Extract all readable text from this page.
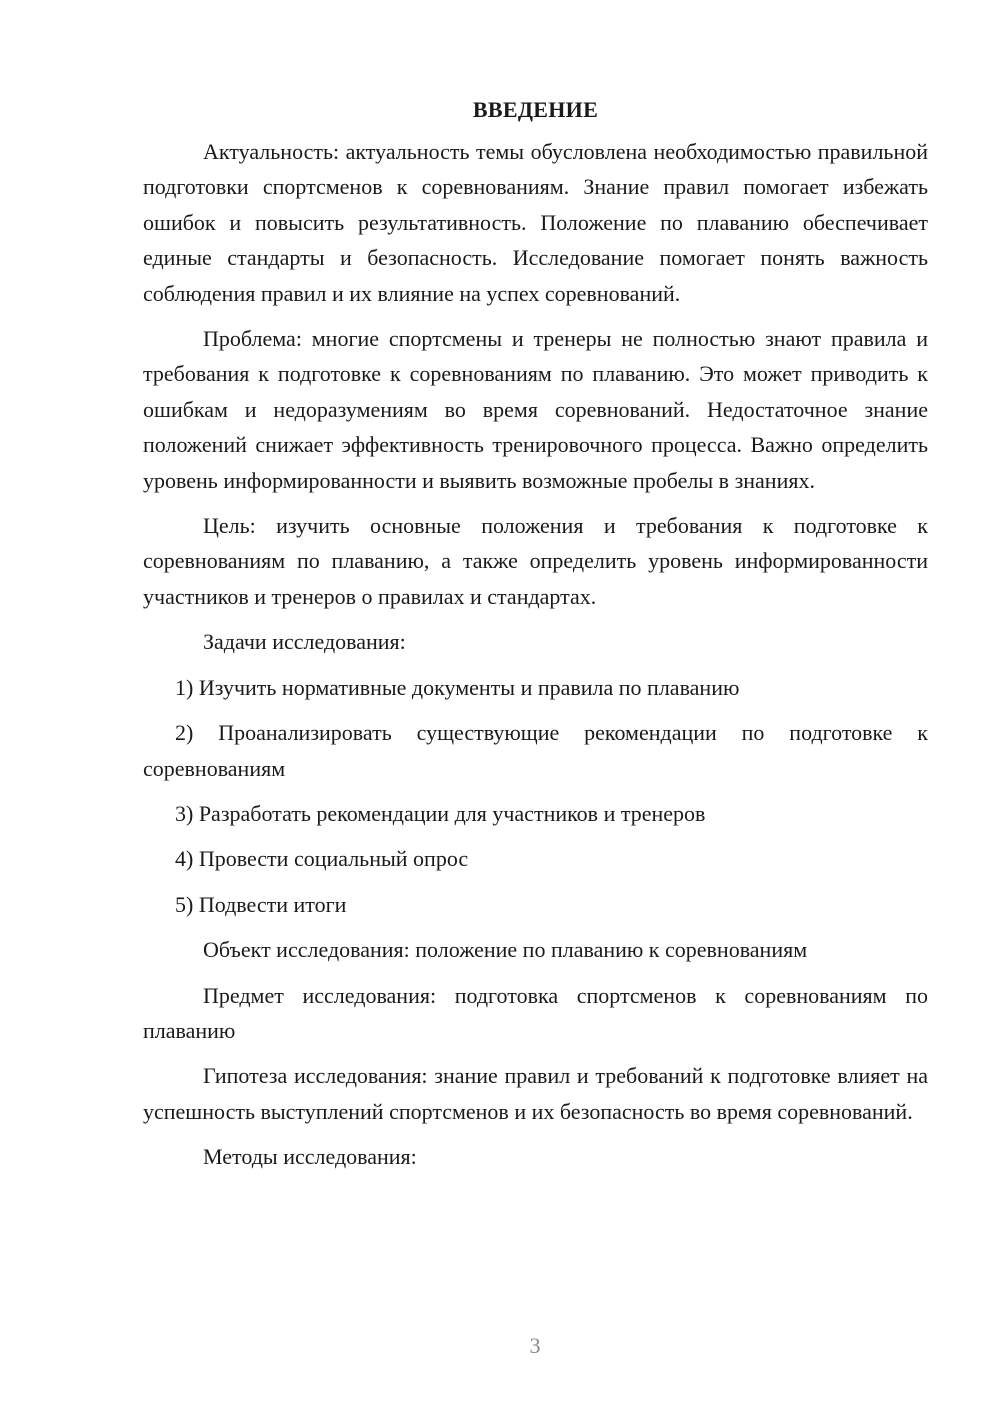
ВВЕДЕНИЕ

Актуальность: актуальность темы обусловлена необходимостью правильной подготовки спортсменов к соревнованиям. Знание правил помогает избежать ошибок и повысить результативность. Положение по плаванию обеспечивает единые стандарты и безопасность. Исследование помогает понять важность соблюдения правил и их влияние на успех соревнований.

Проблема: многие спортсмены и тренеры не полностью знают правила и требования к подготовке к соревнованиям по плаванию. Это может приводить к ошибкам и недоразумениям во время соревнований. Недостаточное знание положений снижает эффективность тренировочного процесса. Важно определить уровень информированности и выявить возможные пробелы в знаниях.

Цель: изучить основные положения и требования к подготовке к соревнованиям по плаванию, а также определить уровень информированности участников и тренеров о правилах и стандартах.

Задачи исследования:

1) Изучить нормативные документы и правила по плаванию

2) Проанализировать существующие рекомендации по подготовке к соревнованиям

3) Разработать рекомендации для участников и тренеров

4) Провести социальный опрос

5) Подвести итоги

Объект исследования: положение по плаванию к соревнованиям

Предмет исследования: подготовка спортсменов к соревнованиям по плаванию

Гипотеза исследования: знание правил и требований к подготовке влияет на успешность выступлений спортсменов и их безопасность во время соревнований.

Методы исследования:

3
